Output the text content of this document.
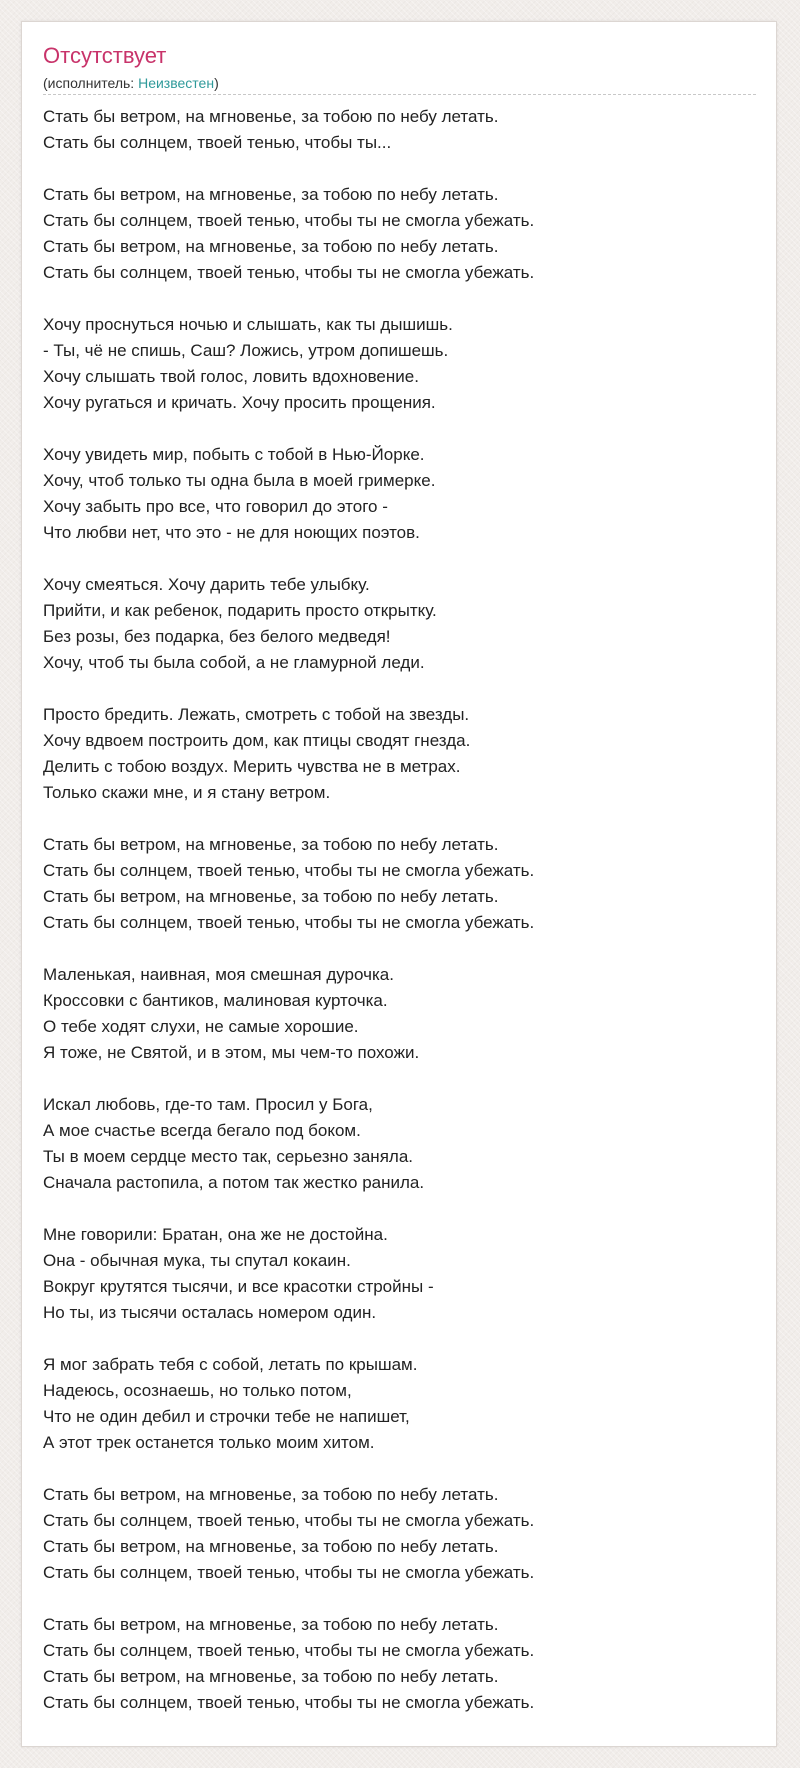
Отсутствует
(исполнитель: Неизвестен)
Стать бы ветром, на мгновенье, за тобою по небу летать.
Стать бы солнцем, твоей тенью, чтобы ты...

Стать бы ветром, на мгновенье, за тобою по небу летать.
Стать бы солнцем, твоей тенью, чтобы ты не смогла убежать.
Стать бы ветром, на мгновенье, за тобою по небу летать.
Стать бы солнцем, твоей тенью, чтобы ты не смогла убежать.

Хочу проснуться ночью и слышать, как ты дышишь.
- Ты, чё не спишь, Саш? Ложись, утром допишешь.
Хочу слышать твой голос, ловить вдохновение.
Хочу ругаться и кричать. Хочу просить прощения.

Хочу увидеть мир, побыть с тобой в Нью-Йорке.
Хочу, чтоб только ты одна была в моей гримерке.
Хочу забыть про все, что говорил до этого -
Что любви нет, что это - не для ноющих поэтов.

Хочу смеяться. Хочу дарить тебе улыбку.
Прийти, и как ребенок, подарить просто открытку.
Без розы, без подарка, без белого медведя!
Хочу, чтоб ты была собой, а не гламурной леди.

Просто бредить. Лежать, смотреть с тобой на звезды.
Хочу вдвоем построить дом, как птицы сводят гнезда.
Делить с тобою воздух. Мерить чувства не в метрах.
Только скажи мне, и я стану ветром.

Стать бы ветром, на мгновенье, за тобою по небу летать.
Стать бы солнцем, твоей тенью, чтобы ты не смогла убежать.
Стать бы ветром, на мгновенье, за тобою по небу летать.
Стать бы солнцем, твоей тенью, чтобы ты не смогла убежать.

Маленькая, наивная, моя смешная дурочка.
Кроссовки с бантиков, малиновая курточка.
О тебе ходят слухи, не самые хорошие.
Я тоже, не Святой, и в этом, мы чем-то похожи.

Искал любовь, где-то там. Просил у Бога,
А мое счастье всегда бегало под боком.
Ты в моем сердце место так, серьезно заняла.
Сначала растопила, а потом так жестко ранила.

Мне говорили: Братан, она же не достойна.
Она - обычная мука, ты спутал кокаин.
Вокруг крутятся тысячи, и все красотки стройны -
Но ты, из тысячи осталась номером один.

Я мог забрать тебя с собой, летать по крышам.
Надеюсь, осознаешь, но только потом,
Что не один дебил и строчки тебе не напишет,
А этот трек останется только моим хитом.

Стать бы ветром, на мгновенье, за тобою по небу летать.
Стать бы солнцем, твоей тенью, чтобы ты не смогла убежать.
Стать бы ветром, на мгновенье, за тобою по небу летать.
Стать бы солнцем, твоей тенью, чтобы ты не смогла убежать.

Стать бы ветром, на мгновенье, за тобою по небу летать.
Стать бы солнцем, твоей тенью, чтобы ты не смогла убежать.
Стать бы ветром, на мгновенье, за тобою по небу летать.
Стать бы солнцем, твоей тенью, чтобы ты не смогла убежать.
